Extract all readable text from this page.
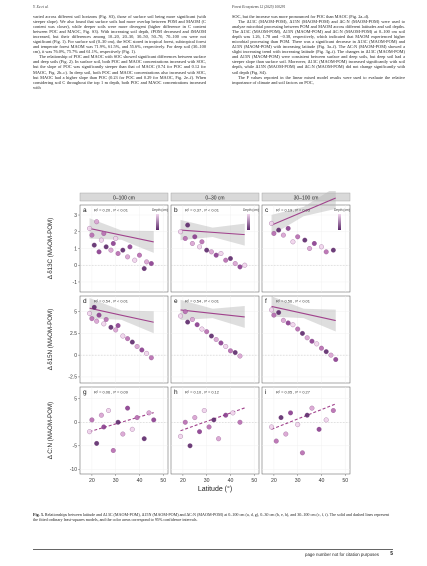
Y. Xu et al.	Forest Ecosystems 12 (2025) 100291

varied across different soil horizons (Fig. S3), those of surface soil being more significant (with steeper slope). We also found that surface soils had more overlap between POM and MAOM (C content was closer), while deeper soils were more divergent (higher difference in C content between POC and MAOC, Fig. S3). With increasing soil depth, fPOM decreased and fMAOM increased, but their differences among 10–20, 20–30, 30–50, 50–70, 70–100 cm were not significant (Fig. 1). For surface soil (0–30 cm), the SOC stored in tropical forest, subtropical forest and temperate forest MAOM was 71.9%, 61.5%, and 55.6%, respectively. For deep soil (30–100 cm), it was 76.0%, 75.7% and 61.1%, respectively (Fig. 1).

The relationship of POC and MAOC with SOC showed significant differences between surface and deep soils (Fig. 2). In surface soil, both POC and MAOC concentrations increased with SOC, but the slope of POC was significantly steeper than that of MAOC (0.74 for POC and 0.12 for MAOC, Fig. 2b–c). In deep soil, both POC and MAOC concentrations also increased with SOC, but MAOC had a higher slope than POC (0.23 for POC and 0.29 for MAOC, Fig. 2e–f). When considering soil C throughout the top 1 m depth, both POC and MAOC concentrations increased with

SOC, but the increase was more pronounced for POC than MAOC (Fig. 2a–d).

The Δ13C (MAOM-POM), Δ15N (MAOM-POM) and ΔC:N (MAOM-POM) were used to analyze microbial processing between POM and MAOM across different latitudes and soil depths. The Δ13C (MAOM-POM), Δ15N (MAOM-POM) and ΔC:N (MAOM-POM) at 0–100 cm soil depth was 1.26, 1.78 and −0.38, respectively, which indicated that MAOM experienced higher microbial processing than POM. There was a significant decrease in Δ13C (MAOM-POM) and Δ15N (MAOM-POM) with increasing latitude (Fig. 3a–f). The ΔC:N (MAOM-POM) showed a slight increasing trend with increasing latitude (Fig. 3g–i). The changes in Δ13C (MAOM-POM) and Δ15N (MAOM-POM) were consistent between surface and deep soils, but deep soil had a steeper slope than surface soil. Moreover, Δ13C (MAOM-POM) increased significantly with soil depth, while Δ15N (MAOM-POM) and ΔC:N (MAOM-POM) did not change significantly with soil depth (Fig. S4).

The F values reported in the linear mixed model results were used to evaluate the relative importance of climate and soil factors on POC,

0–100 cm	0–30 cm	30–100 cm
Δ δ13C (MAOM-POM)
-1
0
1
2
3
a R² = 0.20 , P < 0.01	Depth (cm) b R² = 0.37 , P < 0.01	Depth (cm) c R² = 0.19 , P = 0.03	Depth (cm)
Δ δ15N (MAOM-POM)
-2.5
0
2.5
5
d R² = 0.54 , P < 0.01	e R² = 0.54 , P < 0.01	f R² = 0.56 , P < 0.01
Δ C:N (MAOM-POM)
-10
-5
0
5
20	30	40	50
g R² = 0.06 , P = 0.09
20	30	40	50
h R² = 0.10 , P = 0.12
20	30	40	50
i R² = 0.05 , P = 0.27
Latitude (°)
Fig. 3. Relationships between latitude and Δ13C (MAOM-POM), Δ15N (MAOM-POM) and ΔC:N (MAOM-POM) at 0–100 cm (a, d, g), 0–30 cm (b, e, h), and 30–100 cm (c, f, i). The solid and dashed lines represent the fitted ordinary least-squares models, and the color areas correspond to 95% confidence intervals.
page number not for citation purposes 5
